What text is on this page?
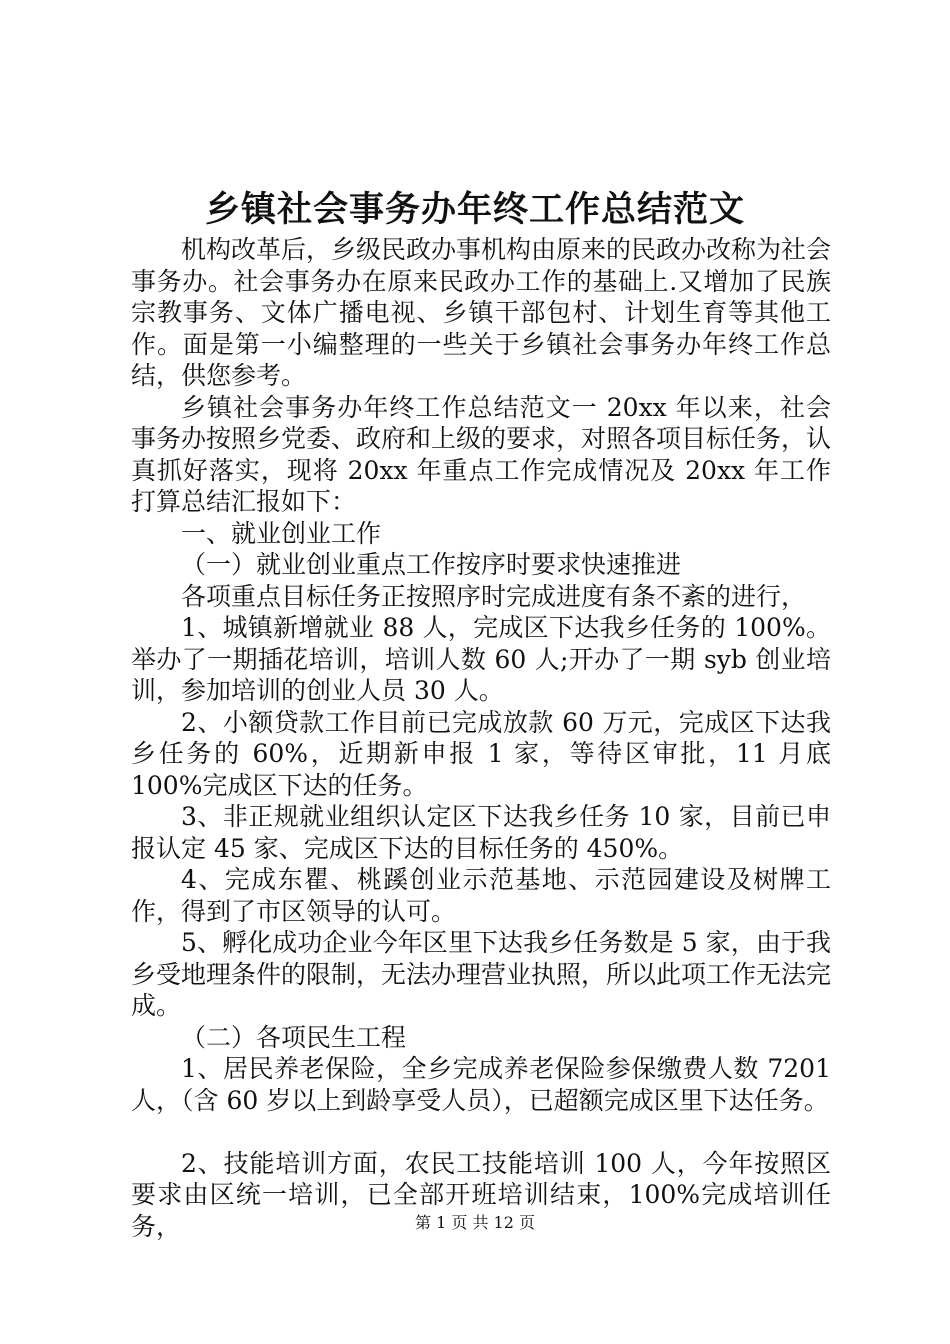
乡镇社会事务办年终工作总结范文

机构改革后，乡级民政办事机构由原来的民政办改称为社会事务办。社会事务办在原来民政办工作的基础上.又增加了民族宗教事务、文体广播电视、乡镇干部包村、计划生育等其他工作。面是第一小编整理的一些关于乡镇社会事务办年终工作总结，供您参考。

乡镇社会事务办年终工作总结范文一 20xx 年以来，社会事务办按照乡党委、政府和上级的要求，对照各项目标任务，认真抓好落实，现将 20xx 年重点工作完成情况及 20xx 年工作打算总结汇报如下：

一、就业创业工作

（一）就业创业重点工作按序时要求快速推进

各项重点目标任务正按照序时完成进度有条不紊的进行，

1、城镇新增就业 88 人，完成区下达我乡任务的 100%。举办了一期插花培训，培训人数 60 人;开办了一期 syb 创业培训，参加培训的创业人员 30 人。

2、小额贷款工作目前已完成放款 60 万元，完成区下达我乡任务的 60%，近期新申报 1 家，等待区审批，11 月底 100%完成区下达的任务。

3、非正规就业组织认定区下达我乡任务 10 家，目前已申报认定 45 家、完成区下达的目标任务的 450%。

4、完成东瞿、桃蹊创业示范基地、示范园建设及树牌工作，得到了市区领导的认可。

5、孵化成功企业今年区里下达我乡任务数是 5 家，由于我乡受地理条件的限制，无法办理营业执照，所以此项工作无法完成。

（二）各项民生工程

1、居民养老保险，全乡完成养老保险参保缴费人数 7201 人，（含 60 岁以上到龄享受人员），已超额完成区里下达任务。

2、技能培训方面，农民工技能培训 100 人，今年按照区要求由区统一培训，已全部开班培训结束，100%完成培训任务，	第 1 页 共 12 页
